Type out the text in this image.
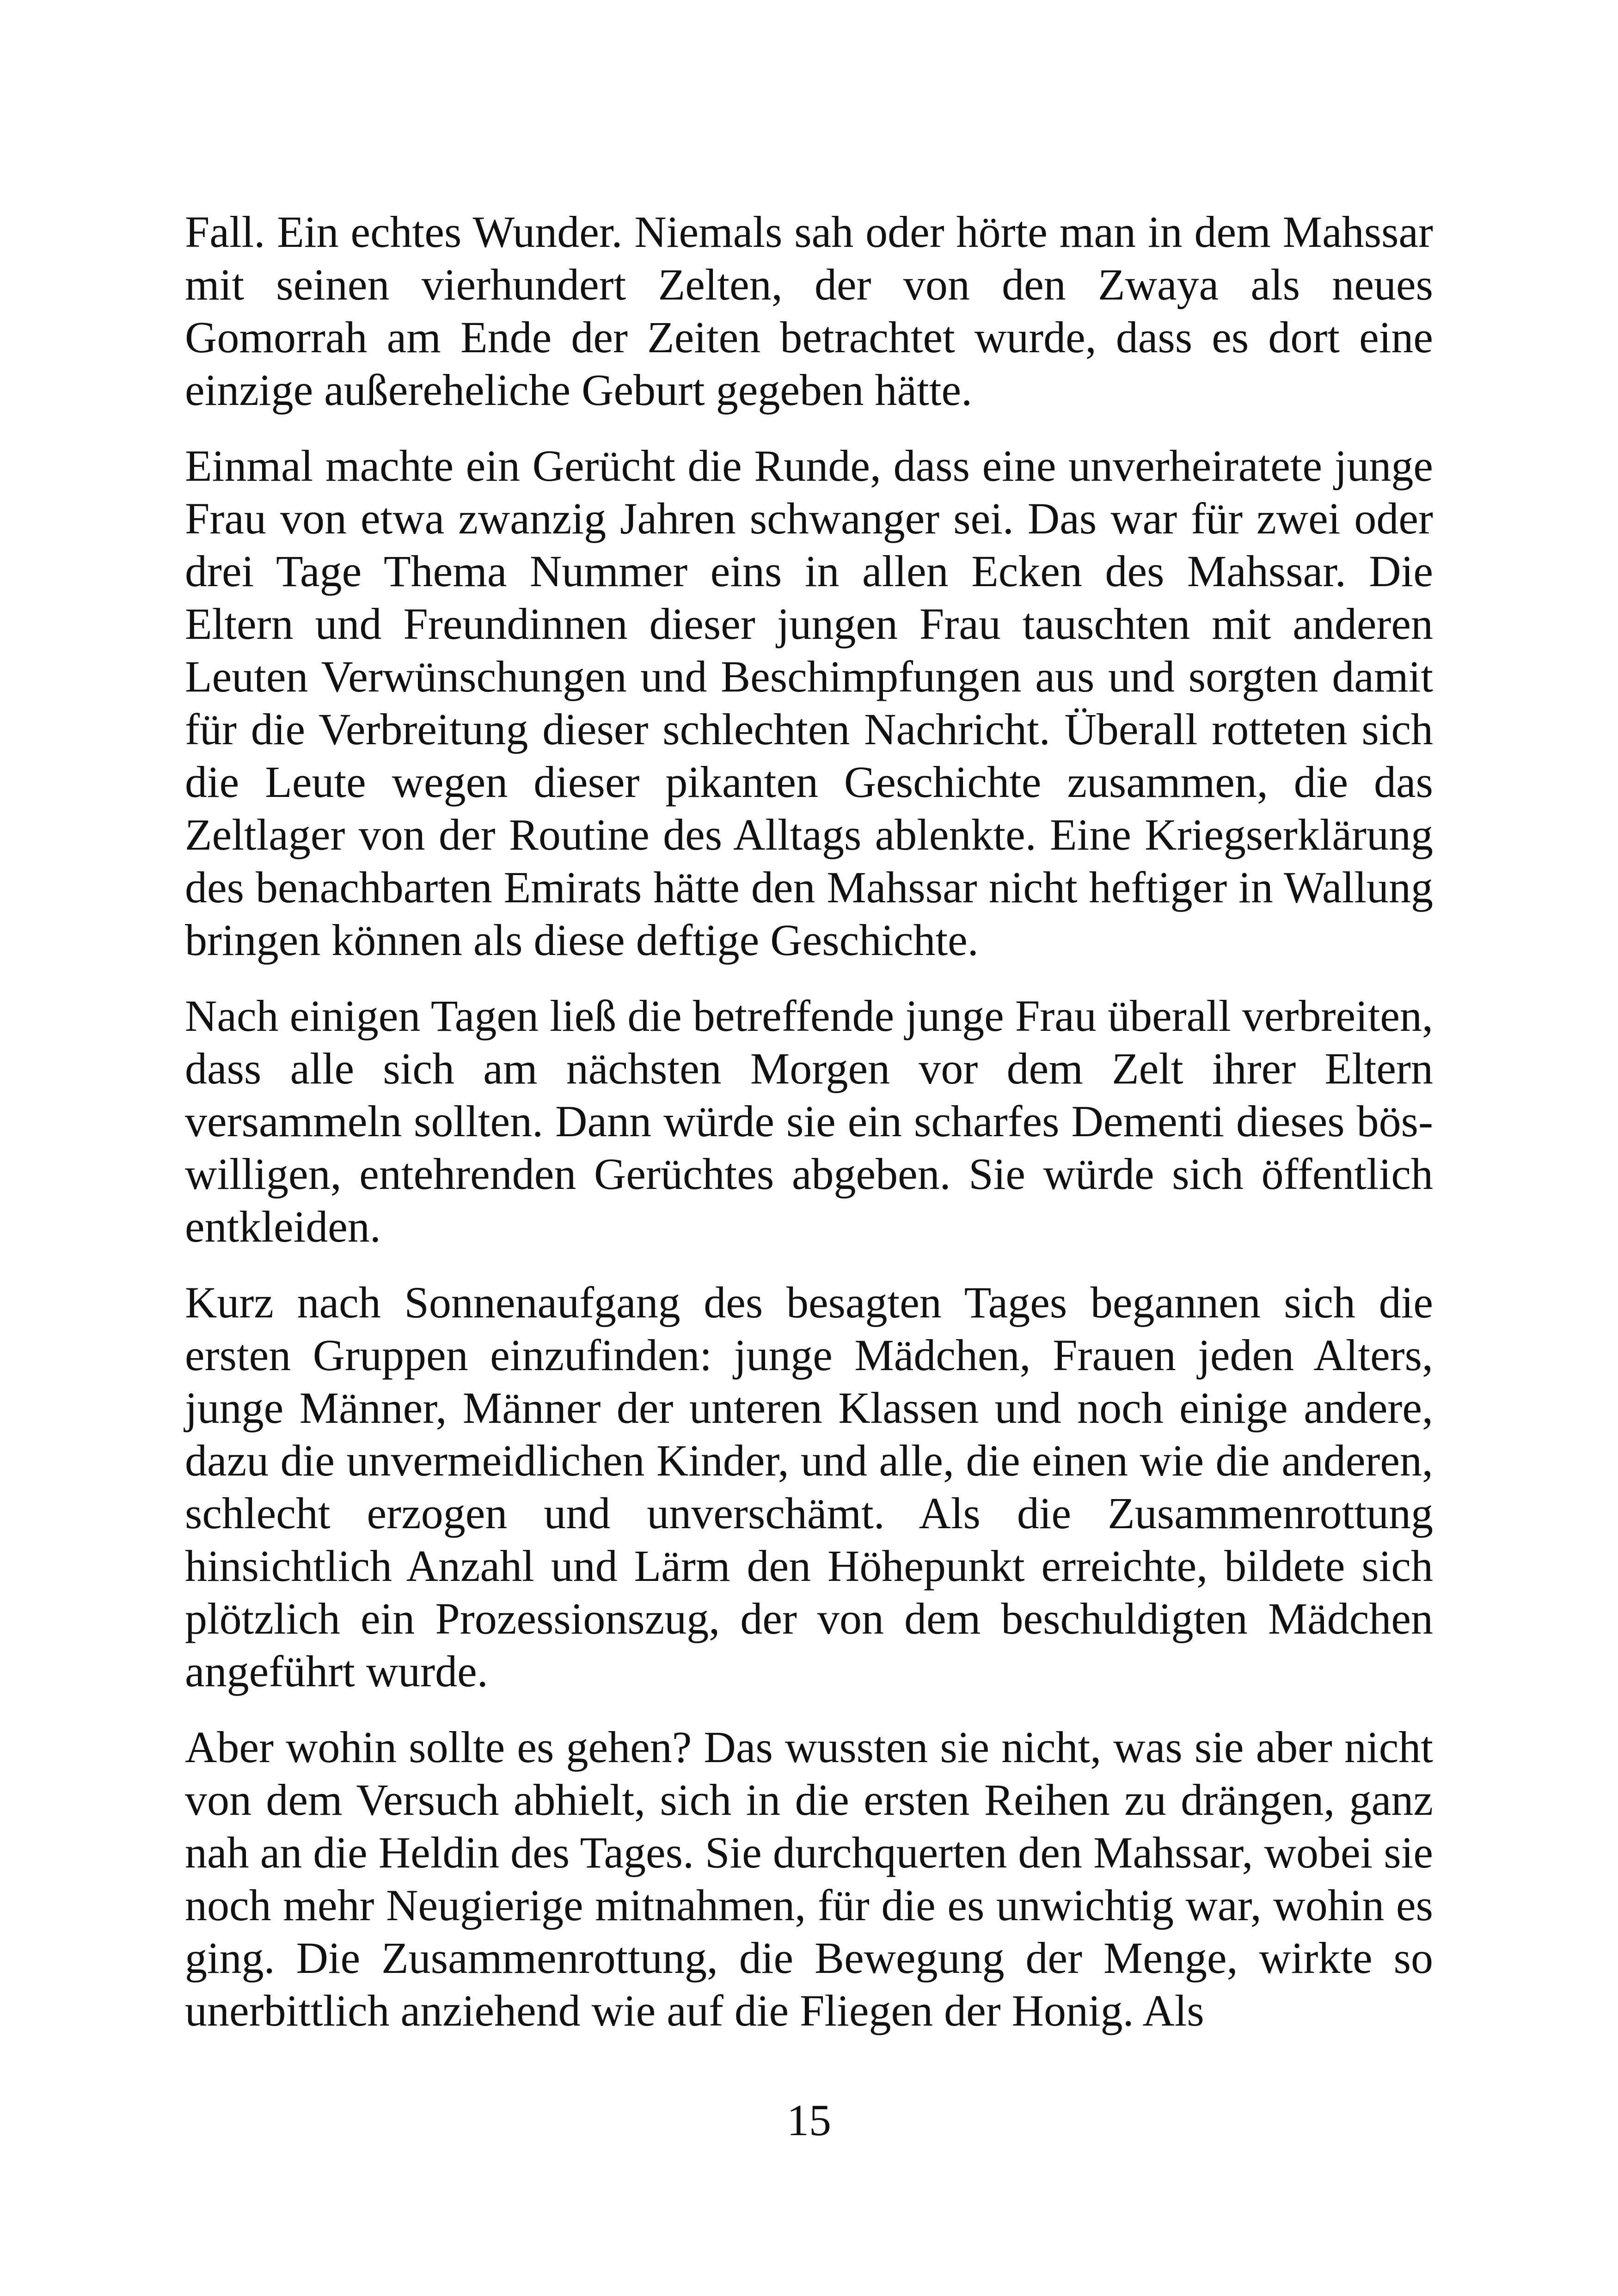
Fall. Ein echtes Wunder. Niemals sah oder hörte man in dem Mahssar mit seinen vierhundert Zelten, der von den Zwaya als neues Gomorrah am Ende der Zeiten betrachtet wurde, dass es dort eine einzige außereheliche Geburt gegeben hätte.

Einmal machte ein Gerücht die Runde, dass eine unverheiratete junge Frau von etwa zwanzig Jahren schwanger sei. Das war für zwei oder drei Tage Thema Nummer eins in allen Ecken des Mahssar. Die Eltern und Freundinnen dieser jungen Frau tauschten mit anderen Leuten Verwünschungen und Beschimpfungen aus und sorgten damit für die Verbreitung dieser schlechten Nachricht. Überall rotteten sich die Leute wegen dieser pikanten Geschichte zusammen, die das Zeltlager von der Routine des Alltags ablenkte. Eine Kriegserklärung des benachbarten Emirats hätte den Mahssar nicht heftiger in Wallung bringen können als diese deftige Geschichte.

Nach einigen Tagen ließ die betreffende junge Frau überall verbreiten, dass alle sich am nächsten Morgen vor dem Zelt ihrer Eltern versammeln sollten. Dann würde sie ein scharfes Dementi dieses böswilligen, entehrenden Gerüchtes abgeben. Sie würde sich öffentlich entkleiden.

Kurz nach Sonnenaufgang des besagten Tages begannen sich die ersten Gruppen einzufinden: junge Mädchen, Frauen jeden Alters, junge Männer, Männer der unteren Klassen und noch einige andere, dazu die unvermeidlichen Kinder, und alle, die einen wie die anderen, schlecht erzogen und unverschämt. Als die Zusammenrottung hinsichtlich Anzahl und Lärm den Höhepunkt erreichte, bildete sich plötzlich ein Prozessionszug, der von dem beschuldigten Mädchen angeführt wurde.

Aber wohin sollte es gehen? Das wussten sie nicht, was sie aber nicht von dem Versuch abhielt, sich in die ersten Reihen zu drängen, ganz nah an die Heldin des Tages. Sie durchquerten den Mahssar, wobei sie noch mehr Neugierige mitnahmen, für die es unwichtig war, wohin es ging. Die Zusammenrottung, die Bewegung der Menge, wirkte so unerbittlich anziehend wie auf die Fliegen der Honig. Als

15
